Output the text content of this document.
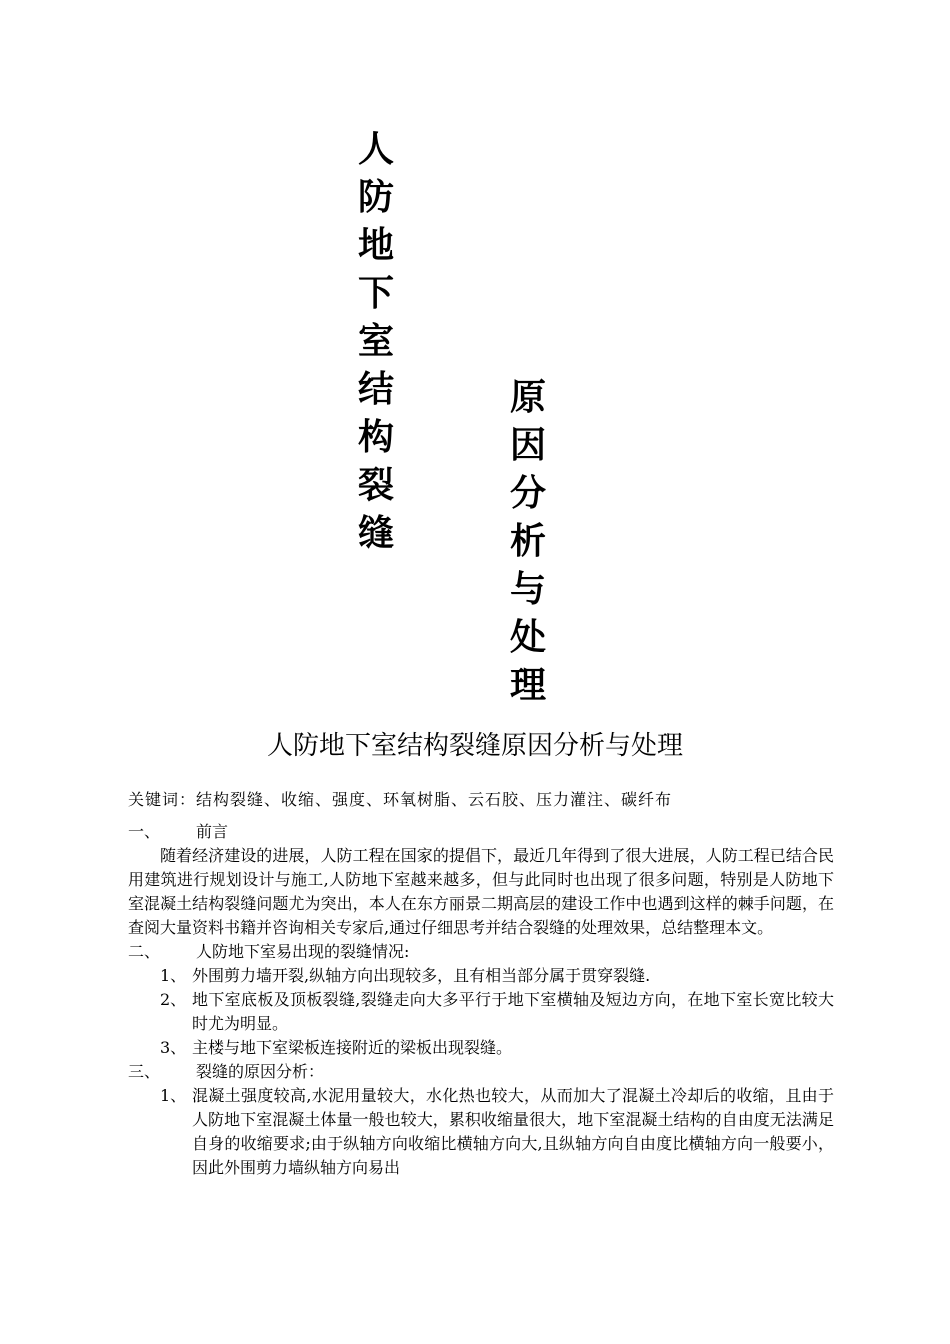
人
防
地
下
室
结
构
裂
缝
原
因
分
析
与
处
理
人防地下室结构裂缝原因分析与处理
关键词：结构裂缝、收缩、强度、环氧树脂、云石胶、压力灌注、碳纤布
一、 前言
随着经济建设的进展，人防工程在国家的提倡下，最近几年得到了很大进展，人防工程已结合民用建筑进行规划设计与施工,人防地下室越来越多，但与此同时也出现了很多问题，特别是人防地下室混凝土结构裂缝问题尤为突出，本人在东方丽景二期高层的建设工作中也遇到这样的棘手问题，在查阅大量资料书籍并咨询相关专家后,通过仔细思考并结合裂缝的处理效果，总结整理本文。
二、 人防地下室易出现的裂缝情况:
1、 外围剪力墙开裂,纵轴方向出现较多，且有相当部分属于贯穿裂缝.
2、 地下室底板及顶板裂缝,裂缝走向大多平行于地下室横轴及短边方向，在地下室长宽比较大时尤为明显。
3、 主楼与地下室梁板连接附近的梁板出现裂缝。
三、 裂缝的原因分析：
1、 混凝土强度较高,水泥用量较大，水化热也较大，从而加大了混凝土冷却后的收缩，且由于人防地下室混凝土体量一般也较大，累积收缩量很大，地下室混凝土结构的自由度无法满足自身的收缩要求;由于纵轴方向收缩比横轴方向大,且纵轴方向自由度比横轴方向一般要小，因此外围剪力墙纵轴方向易出
